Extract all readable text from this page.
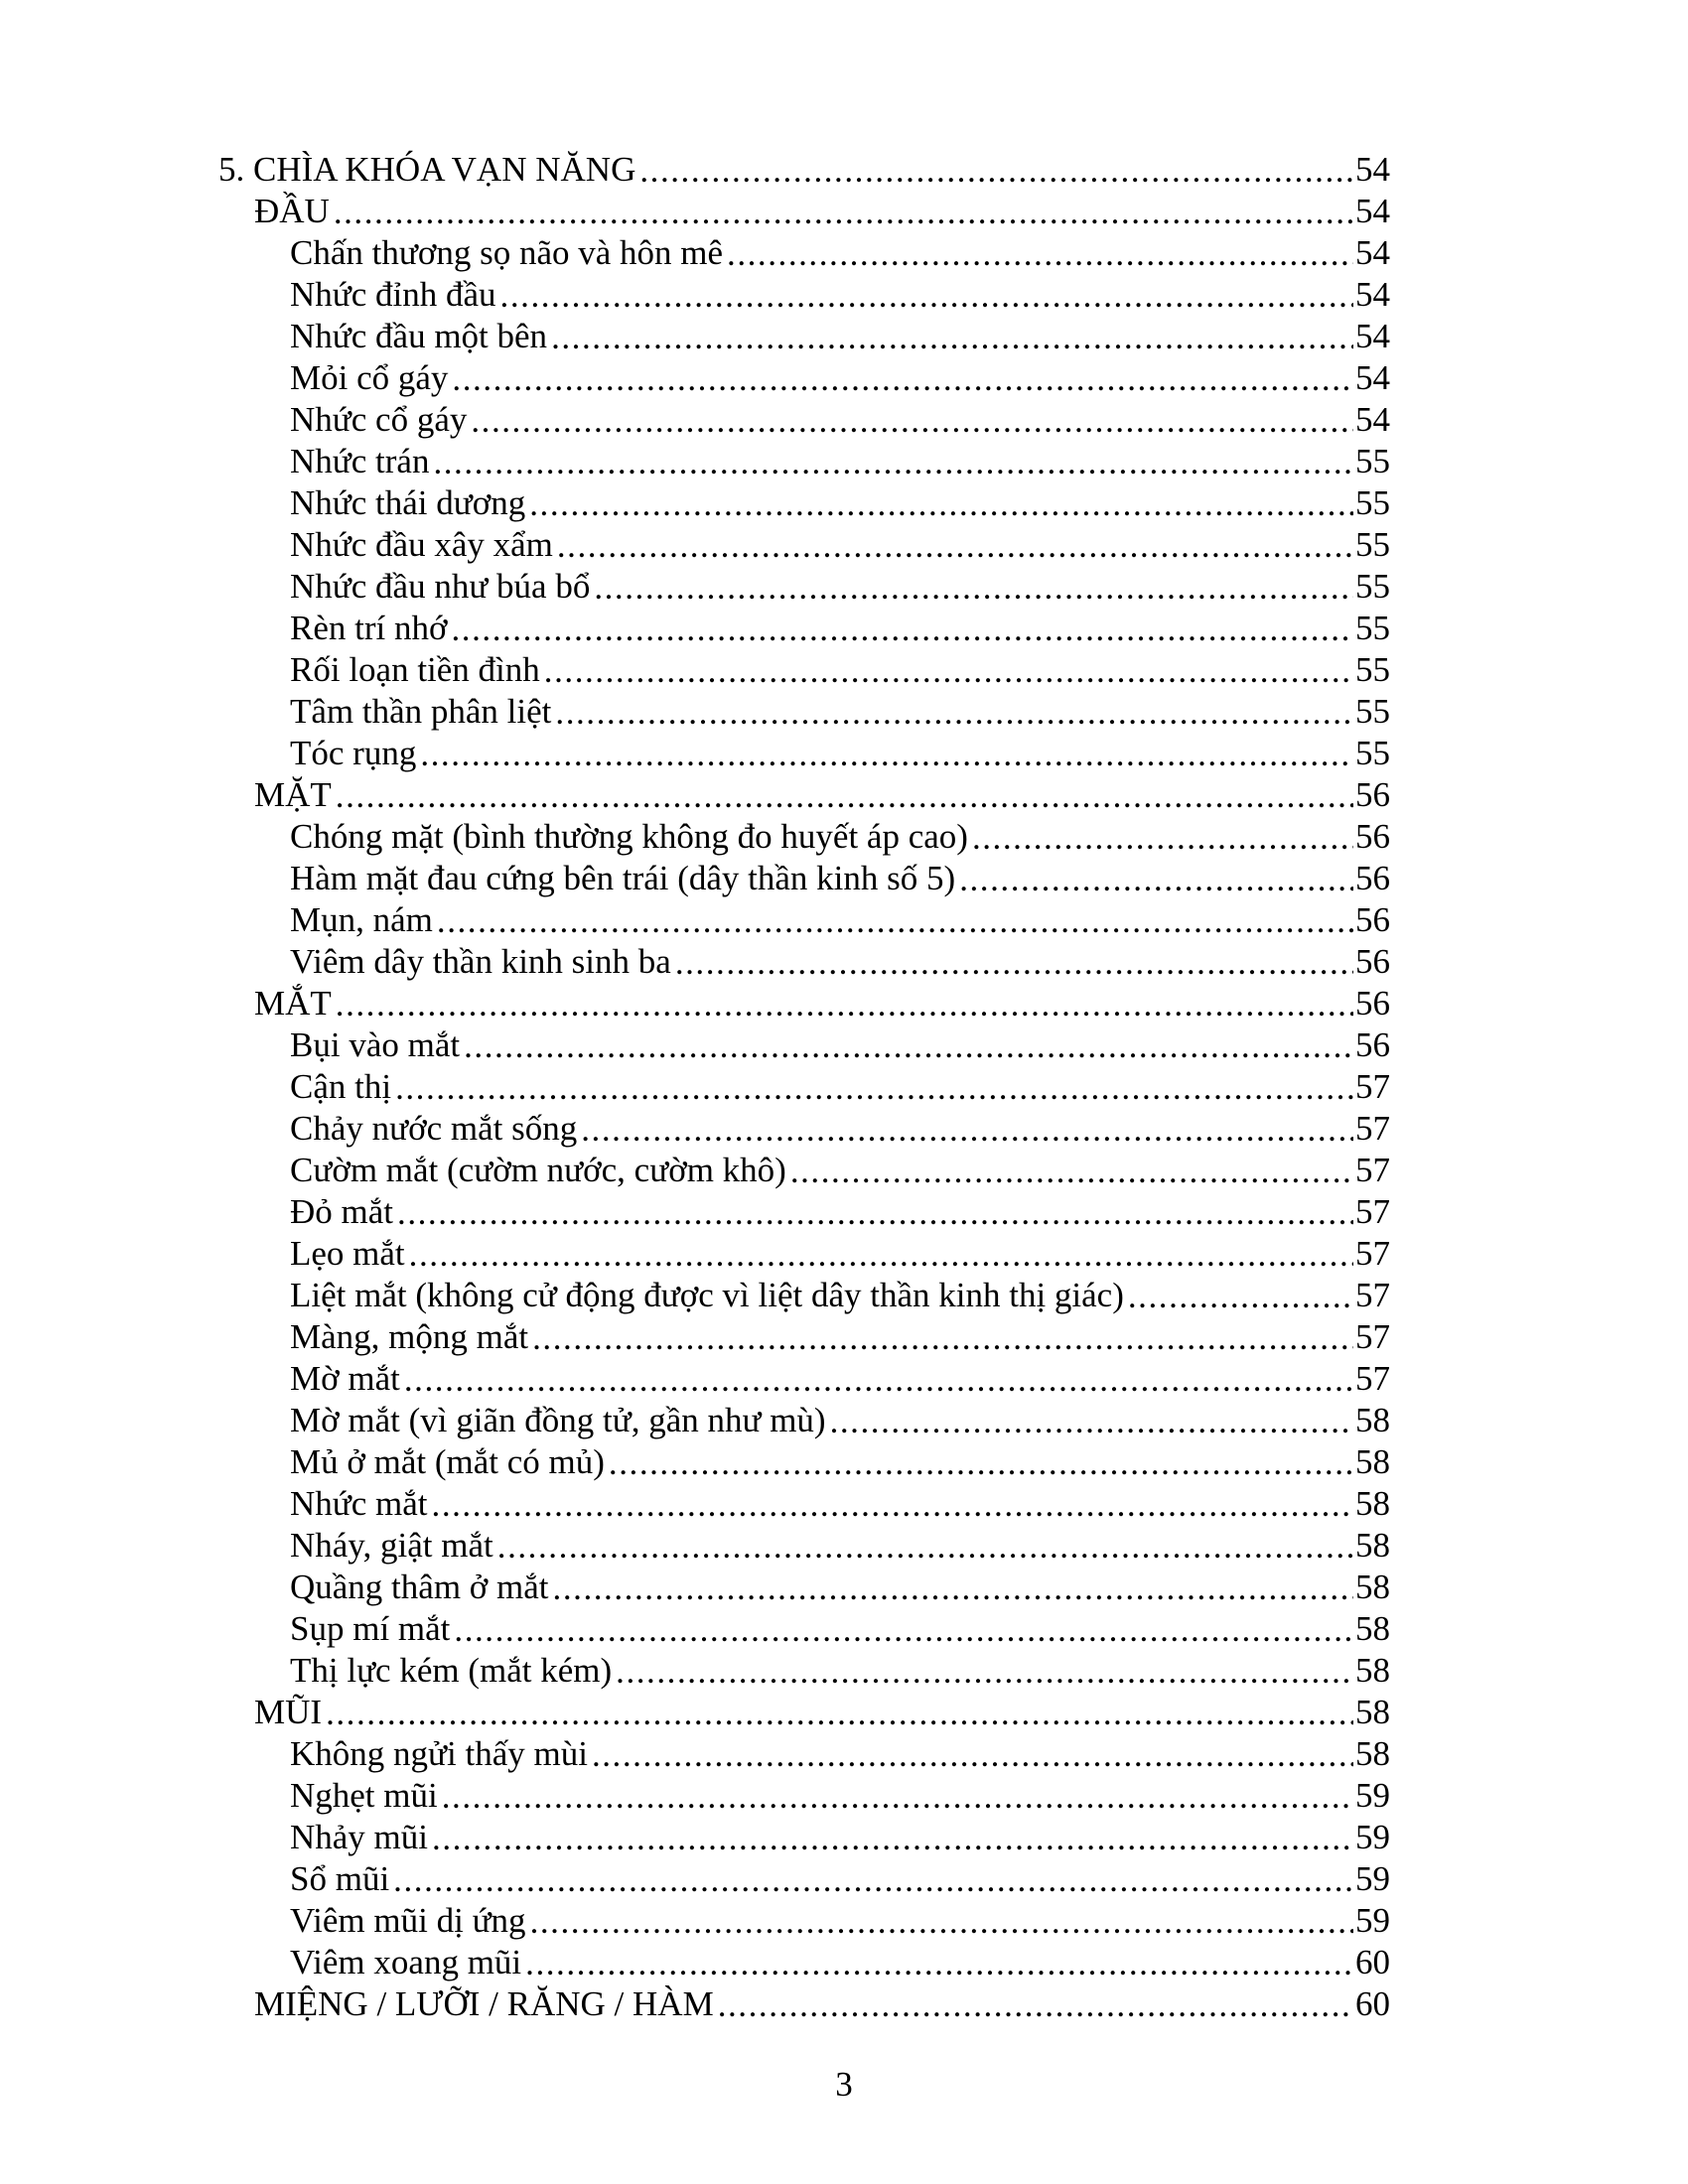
5. CHÌA KHÓA VẠN NĂNG . . .	54
ĐẦU . . .	54
Chấn thương sọ não và hôn mê . . .	54
Nhức đỉnh đầu . . .	54
Nhức đầu một bên . . .	54
Mỏi cổ gáy . . .	54
Nhức cổ gáy . . .	54
Nhức trán . . .	55
Nhức thái dương . . .	55
Nhức đầu xây xẩm . . .	55
Nhức đầu như búa bổ . . .	55
Rèn trí nhớ . . .	55
Rối loạn tiền đình . . .	55
Tâm thần phân liệt . . .	55
Tóc rụng . . .	55
MẶT . . .	56
Chóng mặt (bình thường không đo huyết áp cao) . . .	56
Hàm mặt đau cứng bên trái (dây thần kinh số 5) . . .	56
Mụn, nám . . .	56
Viêm dây thần kinh sinh ba . . .	56
MẮT . . .	56
Bụi vào mắt . . .	56
Cận thị . . .	57
Chảy nước mắt sống . . .	57
Cườm mắt (cườm nước, cườm khô) . . .	57
Đỏ mắt . . .	57
Lẹo mắt . . .	57
Liệt mắt (không cử động được vì liệt dây thần kinh thị giác) . . .	57
Màng, mộng mắt . . .	57
Mờ mắt . . .	57
Mờ mắt (vì giãn đồng tử, gần như mù) . . .	58
Mủ ở mắt (mắt có mủ) . . .	58
Nhức mắt . . .	58
Nháy, giật mắt . . .	58
Quầng thâm ở mắt . . .	58
Sụp mí mắt . . .	58
Thị lực kém (mắt kém) . . .	58
MŨI . . .	58
Không ngửi thấy mùi . . .	58
Nghẹt mũi . . .	59
Nhảy mũi . . .	59
Sổ mũi . . .	59
Viêm mũi dị ứng . . .	59
Viêm xoang mũi . . .	60
MIỆNG / LƯỠI / RĂNG / HÀM . . .	60
3
